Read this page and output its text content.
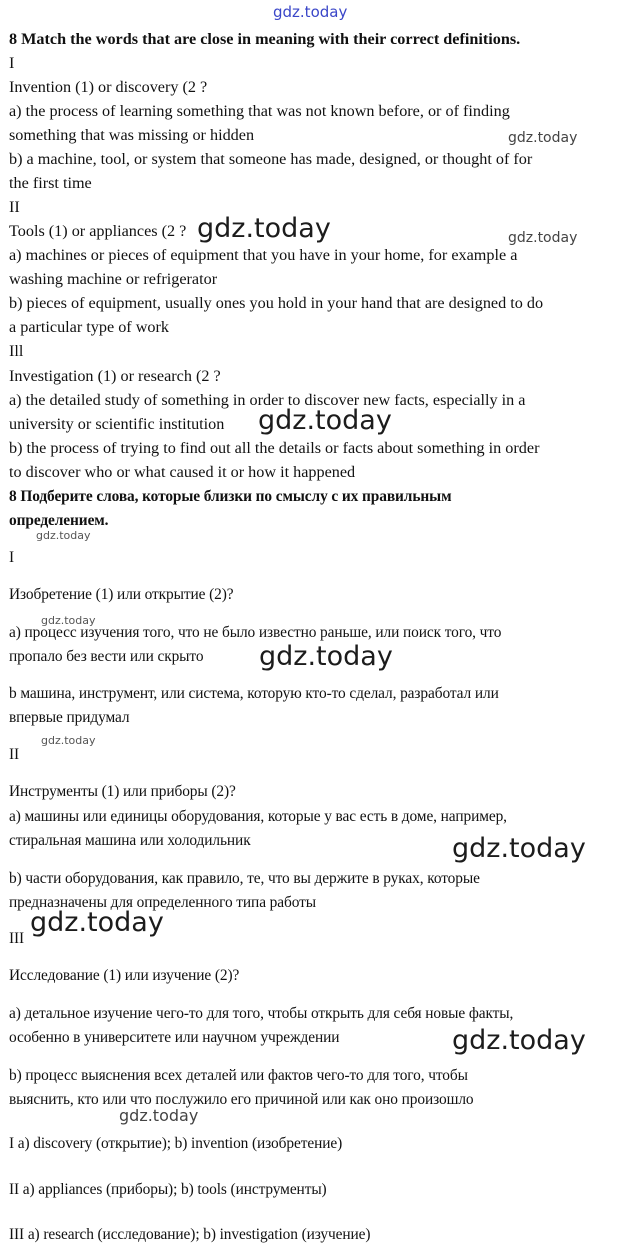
gdz.today
8 Match the words that are close in meaning with their correct definitions.
I
Invention (1) or discovery (2 ?
a) the process of learning something that was not known before, or of finding
something that was missing or hidden
b) a machine, tool, or system that someone has made, designed, or thought of for
the first time
II
Tools (1) or appliances (2 ?
a) machines or pieces of equipment that you have in your home, for example a
washing machine or refrigerator
b) pieces of equipment, usually ones you hold in your hand that are designed to do
a particular type of work
Ill
Investigation (1) or research (2 ?
a) the detailed study of something in order to discover new facts, especially in a
university or scientific institution
b) the process of trying to find out all the details or facts about something in order
to discover who or what caused it or how it happened
8 Подберите слова, которые близки по смыслу с их правильным
определением.
I
Изобретение (1) или открытие (2)?
а) процесс изучения того, что не было известно раньше, или поиск того, что
пропало без вести или скрыто
b машина, инструмент, или система, которую кто-то сделал, разработал или
впервые придумал
II
Инструменты (1) или приборы (2)?
а) машины или единицы оборудования, которые у вас есть в доме, например,
стиральная машина или холодильник
b) части оборудования, как правило, те, что вы держите в руках, которые
предназначены для определенного типа работы
III
Исследование (1) или изучение (2)?
а) детальное изучение чего-то для того, чтобы открыть для себя новые факты,
особенно в университете или научном учреждении
b) процесс выяснения всех деталей или фактов чего-то для того, чтобы
выяснить, кто или что послужило его причиной или как оно произошло
I a) discovery (открытие); b) invention (изобретение)
II a) appliances (приборы); b) tools (инструменты)
III a) research (исследование); b) investigation (изучение)
gdz.today
gdz.today	gdz.today
gdz.today
gdz.today
gdz.today
gdz.today
gdz.today
gdz.today
gdz.today
gdz.today
gdz.today
